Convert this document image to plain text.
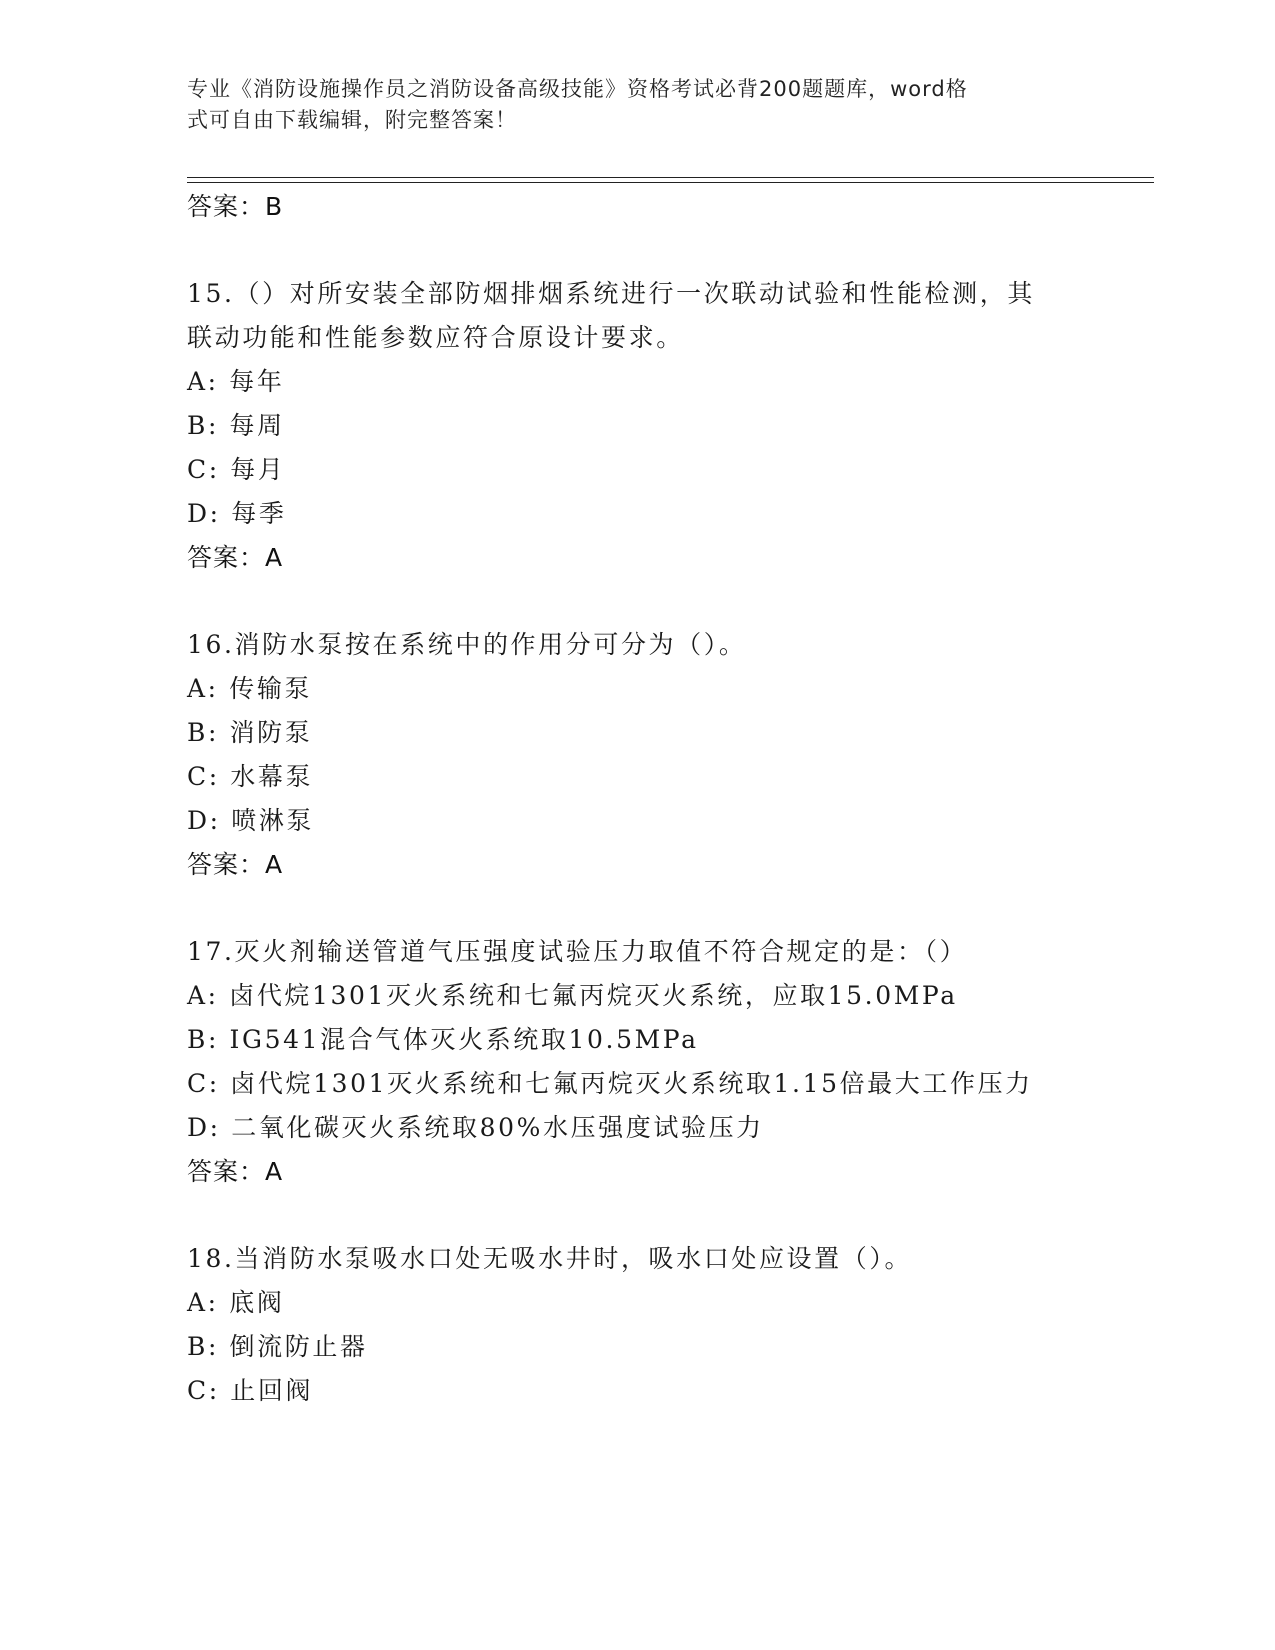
专业《消防设施操作员之消防设备高级技能》资格考试必背200题题库，word格
式可自由下载编辑，附完整答案！
答案：B
15.（）对所安装全部防烟排烟系统进行一次联动试验和性能检测，其
联动功能和性能参数应符合原设计要求。
A: 每年
B: 每周
C: 每月
D: 每季
答案：A
16.消防水泵按在系统中的作用分可分为（）。
A: 传输泵
B: 消防泵
C: 水幕泵
D: 喷淋泵
答案：A
17.灭火剂输送管道气压强度试验压力取值不符合规定的是：（）
A: 卤代烷1301灭火系统和七氟丙烷灭火系统，应取15.0MPa
B: IG541混合气体灭火系统取10.5MPa
C: 卤代烷1301灭火系统和七氟丙烷灭火系统取1.15倍最大工作压力
D: 二氧化碳灭火系统取80%水压强度试验压力
答案：A
18.当消防水泵吸水口处无吸水井时，吸水口处应设置（）。
A: 底阀
B: 倒流防止器
C: 止回阀
